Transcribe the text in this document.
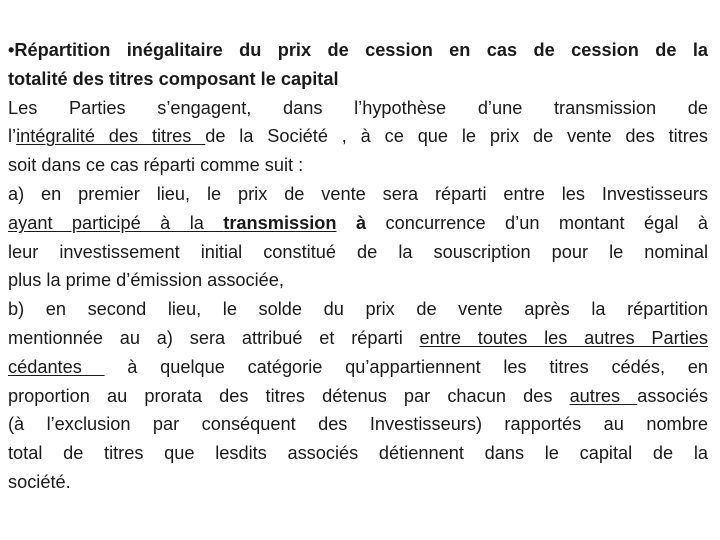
•Répartition inégalitaire du prix de cession en cas de cession de la
totalité des titres composant le capital
Les Parties s’engagent, dans l’hypothèse d’une transmission de
l’intégralité des titres de la Société , à ce que le prix de vente des titres
soit dans ce cas réparti comme suit :
a) en premier lieu, le prix de vente sera réparti entre les Investisseurs
ayant participé à la transmission à concurrence d’un montant égal à
leur investissement initial constitué de la souscription pour le nominal
plus la prime d’émission associée,
b) en second lieu, le solde du prix de vente après la répartition
mentionnée au a) sera attribué et réparti entre toutes les autres Parties
cédantes  à quelque catégorie qu’appartiennent les titres cédés, en
proportion au prorata des titres détenus par chacun des autres associés
(à l’exclusion par conséquent des Investisseurs) rapportés au nombre
total de titres que lesdits associés détiennent dans le capital de la
société.
